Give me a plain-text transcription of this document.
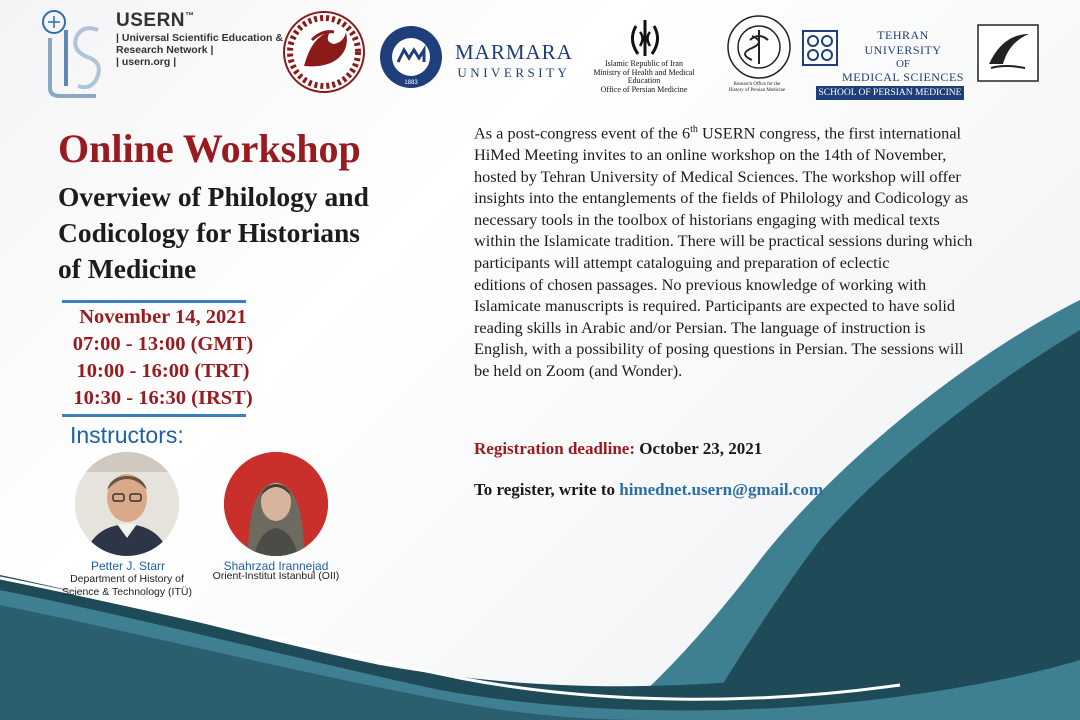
USERN™
| Universal Scientific Education &
Research Network |
| usern.org |
1883
MARMARA
UNIVERSITY
Islamic Republic of Iran
Ministry of Health and Medical Education
Office of Persian Medicine	Research Office for the
History of Persian Medicine
TEHRAN UNIVERSITY
OF
MEDICAL SCIENCES
SCHOOL OF PERSIAN MEDICINE
Online Workshop
Overview of Philology and
Codicology for Historians
of Medicine
November 14, 2021
07:00 - 13:00 (GMT)
10:00 - 16:00 (TRT)
10:30 - 16:30 (IRST)
Instructors:
Petter J. Starr
Department of History of
Science & Technology (ITÜ)
Shahrzad Irannejad
Orient-Institut Istanbul (OII)
As a post-congress event of the 6th USERN congress, the first international
HiMed Meeting invites to an online workshop on the 14th of November,
hosted by Tehran University of Medical Sciences. The workshop will offer
insights into the entanglements of the fields of Philology and Codicology as
necessary tools in the toolbox of historians engaging with medical texts
within the Islamicate tradition. There will be practical sessions during which
participants will attempt cataloguing and preparation of eclectic
editions of chosen passages. No previous knowledge of working with
Islamicate manuscripts is required. Participants are expected to have solid
reading skills in Arabic and/or Persian. The language of instruction is
English, with a possibility of posing questions in Persian. The sessions will
be held on Zoom (and Wonder).
Registration deadline: October 23, 2021
To register, write to himednet.usern@gmail.com
